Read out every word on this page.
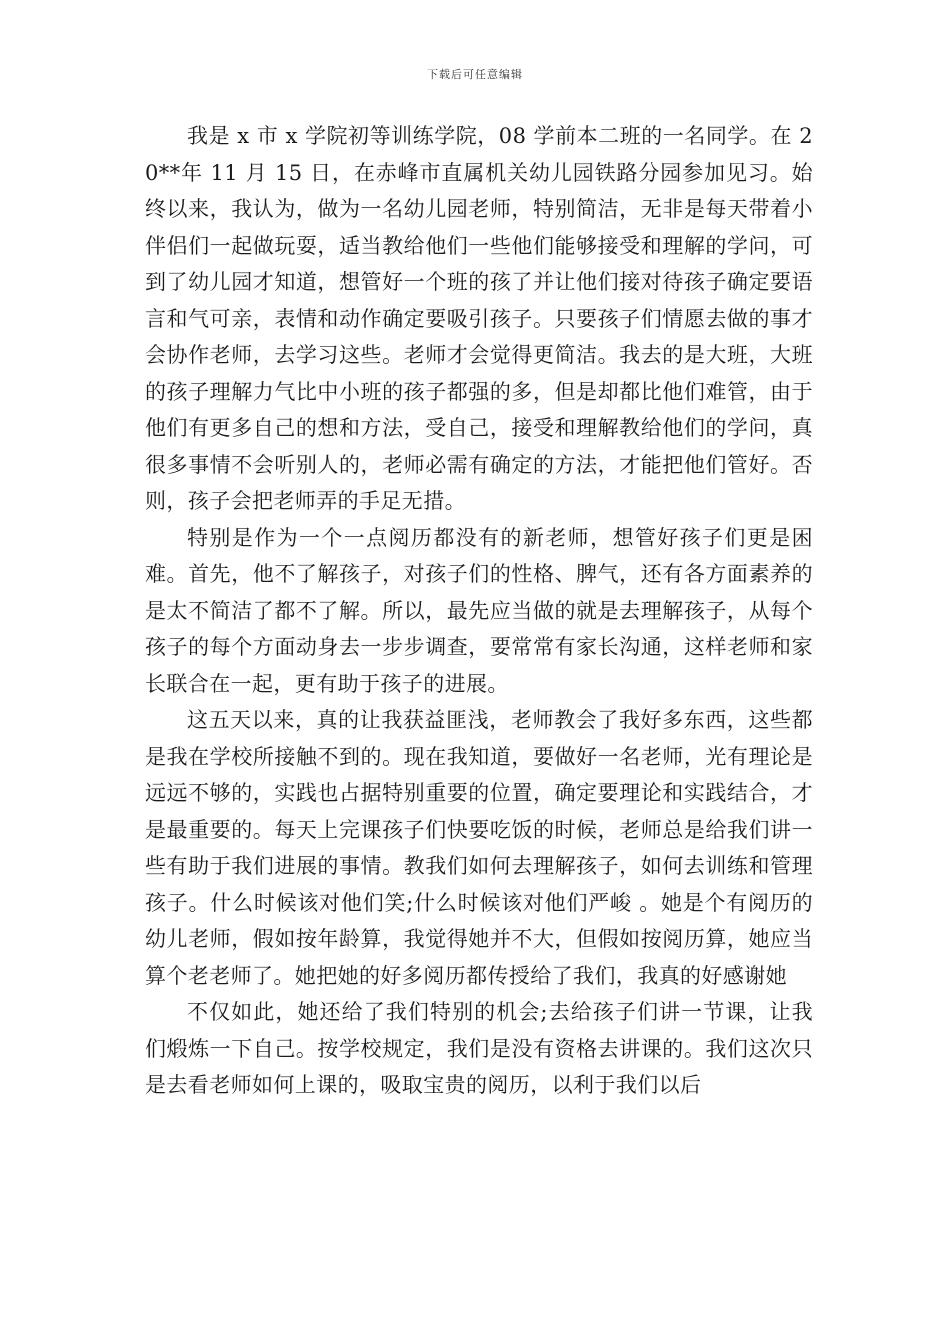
下载后可任意编辑

我是 x 市 x 学院初等训练学院，08 学前本二班的一名同学。在 20**年 11 月 15 日，在赤峰市直属机关幼儿园铁路分园参加见习。始终以来，我认为，做为一名幼儿园老师，特别简洁，无非是每天带着小伴侣们一起做玩耍，适当教给他们一些他们能够接受和理解的学问，可到了幼儿园才知道，想管好一个班的孩了并让他们接对待孩子确定要语言和气可亲，表情和动作确定要吸引孩子。只要孩子们情愿去做的事才会协作老师，去学习这些。老师才会觉得更简洁。我去的是大班，大班的孩子理解力气比中小班的孩子都强的多，但是却都比他们难管，由于他们有更多自己的想和方法，受自己，接受和理解教给他们的学问，真很多事情不会听别人的，老师必需有确定的方法，才能把他们管好。否则，孩子会把老师弄的手足无措。

特别是作为一个一点阅历都没有的新老师，想管好孩子们更是困难。首先，他不了解孩子，对孩子们的性格、脾气，还有各方面素养的是太不简洁了都不了解。所以，最先应当做的就是去理解孩子，从每个孩子的每个方面动身去一步步调查，要常常有家长沟通，这样老师和家长联合在一起，更有助于孩子的进展。

这五天以来，真的让我获益匪浅，老师教会了我好多东西，这些都是我在学校所接触不到的。现在我知道，要做好一名老师，光有理论是远远不够的，实践也占据特别重要的位置，确定要理论和实践结合，才是最重要的。每天上完课孩子们快要吃饭的时候，老师总是给我们讲一些有助于我们进展的事情。教我们如何去理解孩子，如何去训练和管理孩子。什么时候该对他们笑;什么时候该对他们严峻 。她是个有阅历的幼儿老师，假如按年龄算，我觉得她并不大，但假如按阅历算，她应当算个老老师了。她把她的好多阅历都传授给了我们，我真的好感谢她

不仅如此，她还给了我们特别的机会;去给孩子们讲一节课，让我们煅炼一下自己。按学校规定，我们是没有资格去讲课的。我们这次只是去看老师如何上课的，吸取宝贵的阅历，以利于我们以后
